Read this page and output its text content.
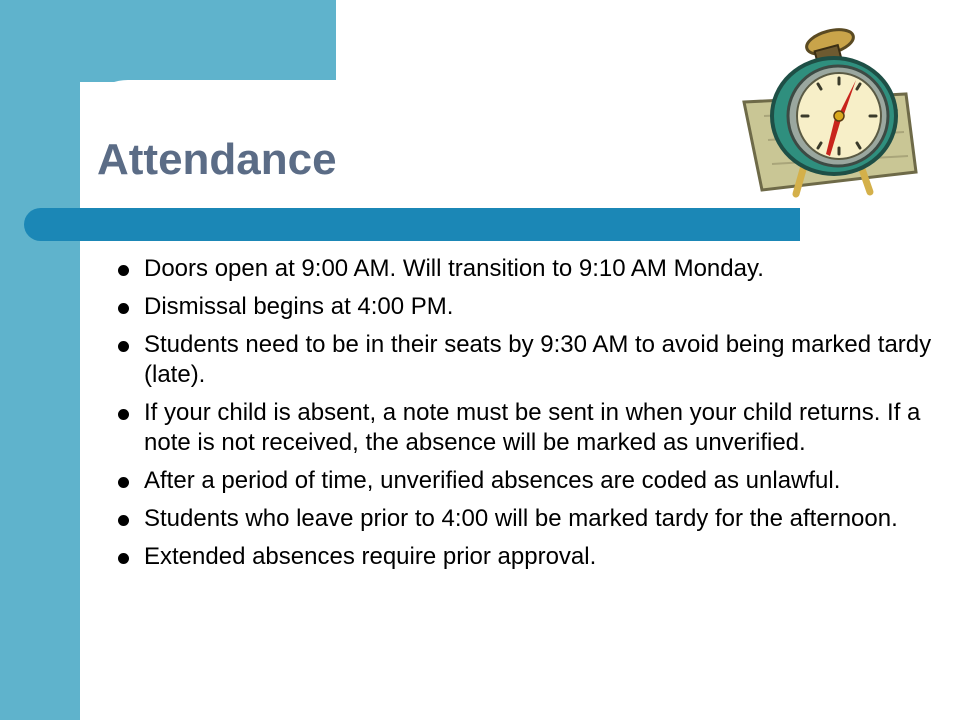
Attendance
Doors open at 9:00 AM. Will transition to 9:10 AM Monday.
Dismissal begins at 4:00 PM.
Students need to be in their seats by 9:30 AM to avoid being marked tardy (late).
If your child is absent, a note must be sent in when your child returns. If a note is not received, the absence will be marked as unverified.
After a period of time, unverified absences are coded as unlawful.
Students who leave prior to 4:00 will be marked tardy for the afternoon.
Extended absences require prior approval.
